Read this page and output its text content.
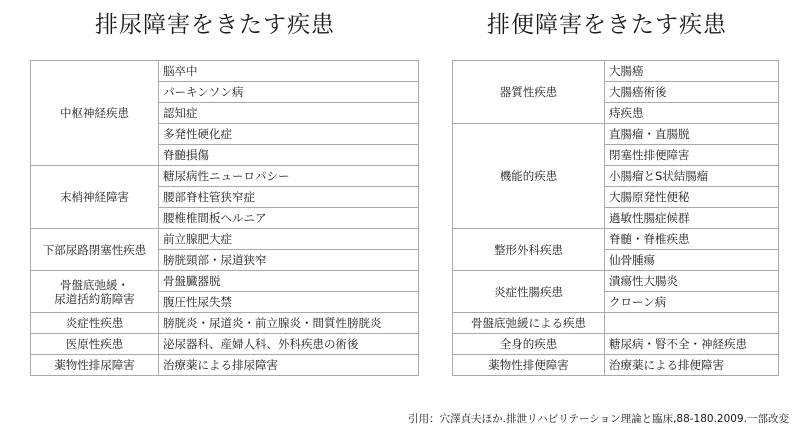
排尿障害をきたす疾患	排便障害をきたす疾患
中枢神経疾患	脳卒中
	パーキンソン病
	認知症
	多発性硬化症
	脊髄損傷
末梢神経障害	糖尿病性ニューロパシー
	腰部脊柱管狭窄症
	腰椎椎間板ヘルニア
下部尿路閉塞性疾患	前立腺肥大症
	膀胱頸部・尿道狭窄
骨盤底弛緩・
尿道括約筋障害	骨盤臓器脱
	腹圧性尿失禁
炎症性疾患	膀胱炎・尿道炎・前立腺炎・間質性膀胱炎
医原性疾患	泌尿器科、産婦人科、外科疾患の術後
薬物性排尿障害	治療薬による排尿障害
器質性疾患	大腸癌
	大腸癌術後
	痔疾患
機能的疾患	直腸瘤・直腸脱
	閉塞性排便障害
	小腸瘤とS状結腸瘤
	大腸原発性便秘
	過敏性腸症候群
整形外科疾患	脊髄・脊椎疾患
	仙骨腫瘍
炎症性腸疾患	潰瘍性大腸炎
	クローン病
骨盤底弛緩による疾患	
全身的疾患	糖尿病・腎不全・神経疾患
薬物性排便障害	治療薬による排便障害
引用：穴澤貞夫ほか.排泄リハビリテーション理論と臨床,88-180.2009.一部改変
